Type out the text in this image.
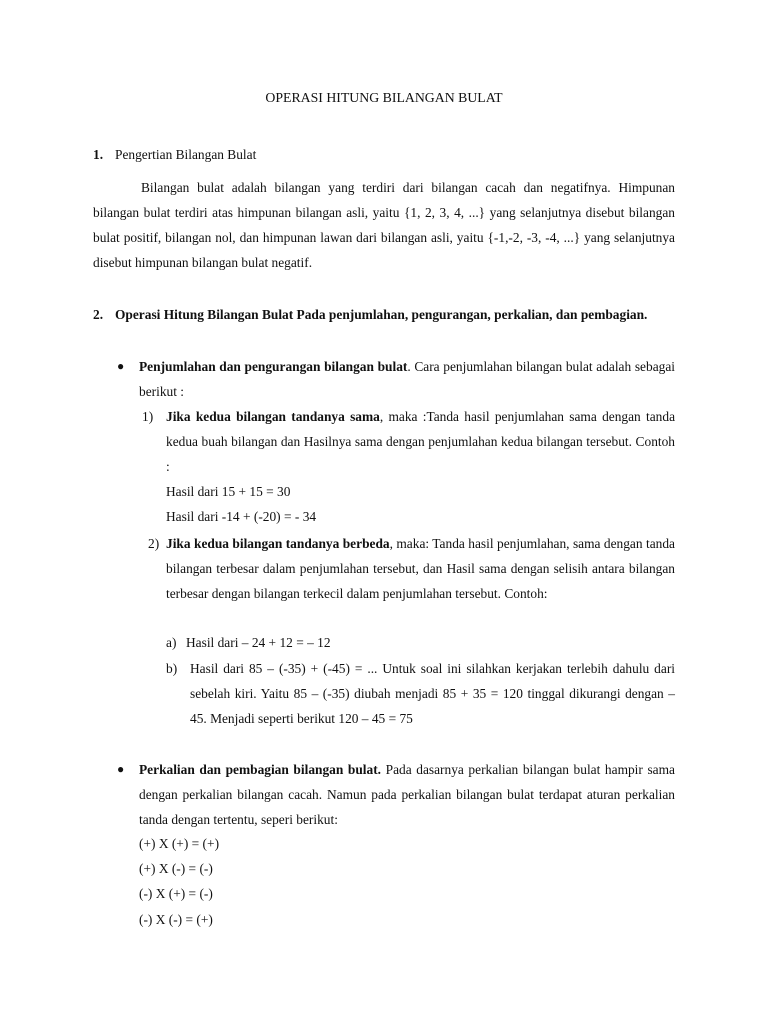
OPERASI HITUNG BILANGAN BULAT
1. Pengertian Bilangan Bulat

Bilangan bulat adalah bilangan yang terdiri dari bilangan cacah dan negatifnya. Himpunan bilangan bulat terdiri atas himpunan bilangan asli, yaitu {1, 2, 3, 4, ...} yang selanjutnya disebut bilangan bulat positif, bilangan nol, dan himpunan lawan dari bilangan asli, yaitu {-1,-2, -3, -4, ...} yang selanjutnya disebut himpunan bilangan bulat negatif.

2. Operasi Hitung Bilangan Bulat Pada penjumlahan, pengurangan, perkalian, dan pembagian.

● Penjumlahan dan pengurangan bilangan bulat. Cara penjumlahan bilangan bulat adalah sebagai berikut :

1) Jika kedua bilangan tandanya sama, maka :Tanda hasil penjumlahan sama dengan tanda kedua buah bilangan dan Hasilnya sama dengan penjumlahan kedua bilangan tersebut. Contoh :

Hasil dari 15 + 15 = 30

Hasil dari -14 + (-20) = - 34

2) Jika kedua bilangan tandanya berbeda, maka: Tanda hasil penjumlahan, sama dengan tanda bilangan terbesar dalam penjumlahan tersebut, dan Hasil sama dengan selisih antara bilangan terbesar dengan bilangan terkecil dalam penjumlahan tersebut. Contoh:

a) Hasil dari – 24 + 12 = – 12

b) Hasil dari 85 – (-35) + (-45) = ... Untuk soal ini silahkan kerjakan terlebih dahulu dari sebelah kiri. Yaitu 85 – (-35) diubah menjadi 85 + 35 = 120 tinggal dikurangi dengan – 45. Menjadi seperti berikut 120 – 45 = 75

● Perkalian dan pembagian bilangan bulat. Pada dasarnya perkalian bilangan bulat hampir sama dengan perkalian bilangan cacah. Namun pada perkalian bilangan bulat terdapat aturan perkalian tanda dengan tertentu, seperi berikut:

(+) X (+) = (+)

(+) X (-) = (-)

(-) X (+) = (-)

(-) X (-) = (+)
